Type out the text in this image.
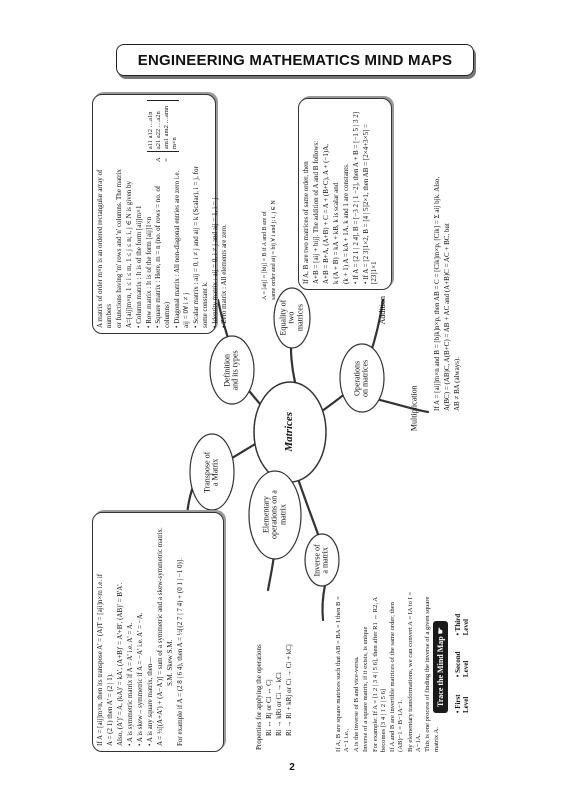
ENGINEERING MATHEMATICS MIND MAPS
Matrices
Definition and its types
Transpose of a Matrix
Elementary operations on a matrix
Inverse of a matrix
Operations on matrices
Equality of two matrices	Addition
Multiplication

A matrix of order m×n is an ordered rectangular array of numbers or functions having 'm' rows and 'n' columns. The matrix A=[aij]m×n, 1 ≤ i ≤ m, 1 ≤ j ≤ n; i, j ∈ N is given by • Column matrix : It is of the form [aij]m×1 • Row matrix : It is of the form [aij]1×n • Square matrix : Here, m = n (no. of rows = no. of columns) • Diagonal matrix : All non-diagonal entries are zero i.e. aij = 0∀ i ≠ j • Scalar matrix : aij = 0, i ≠ j and aij = k (Scalar), i = j, for some constant k. • Identity matrix : aij = 0, i ≠ j and aij = 1, i = j • Zero matrix : All elements are zero.

A =
a11 a12 …a1n a21 a22 …a2n am1 am2 …amn m×n

A = [aij] = [bij] = B if A and B are of same order and aij = bij ∀ i and j; i, j ∈ N	If A, B are two matrices of same order, then A+B = [aij + bij]. The addition of A and B follows: A+B = B+A, (A+B) + C = A + (B+C), A + (−1)A, k (A + B) = kA + kB, k is scalar and (k + 1) A = kA + 1A, k and 1 are constants. • If A = [2 1 | 2 4], B = [−3 2 | 1 −2], then A + B = [−1 5 | 3 2] • If A = [2 3]1×2, B = [4 | 5]2×1, then AB = [2×4+3×5] = [23]1×1	If A = [aij]m×n and B = [bjk]n×p, then AB = C = [Cik]m×p, [Cik] = Σ aij bjk. Also, A(BC) = (AB)C, A(B+C) = AB + AC and (A+B)C = AC + BC, but AB ≠ BA (always).

If A = [aij]m×n, then its transpose A' = (A)T = [aji]n×m i.e. if A = (2 1) then A' = (2 | 1). Also, (A')' = A, (kA)' = kA', (A+B)' = A'+B', (AB)' = B'A'. • A is symmetric matrix if A = A' i.e. A' = A. • A is skew – symmetric if A = −A' i.e. A' = −A. • A is any square matrix, then— A = ½[(A+A') + (A−A')] = sum of a symmetric and a skew-symmetric matrix. S.M. Skew S.M. For example if A = (2 8 | 6 4), then A = ½[(2 7 | 7 4) + (0 1 | −1 0)].	Properties for applying the operations Ri ↔ Rj or Ci ↔ Cj Ri → kRi or Ci → kCi Ri → Ri + kRj or Ci → Ci + kCj	If A, B are square matrices such that AB = BA = I then B = A−1 i.e., A is the inverse of B and vice-versa. Inverse of a square matrix, if it exists, is unique For example: If A = [1 2 | 3 4 | 5 6], then after R1 ↔ R2, A becomes [3 4 | 1 2 | 5 6] If A and B are invertible matrices of the same order, then (AB)−1 = B−1A−1. By elementary transformations, we can convert A = IA to I = A−1A. This is one process of finding the inverse of a given square matrix A.

Trace the Mind Map ☛
• First Level
• Second Level
• Third Level
2
